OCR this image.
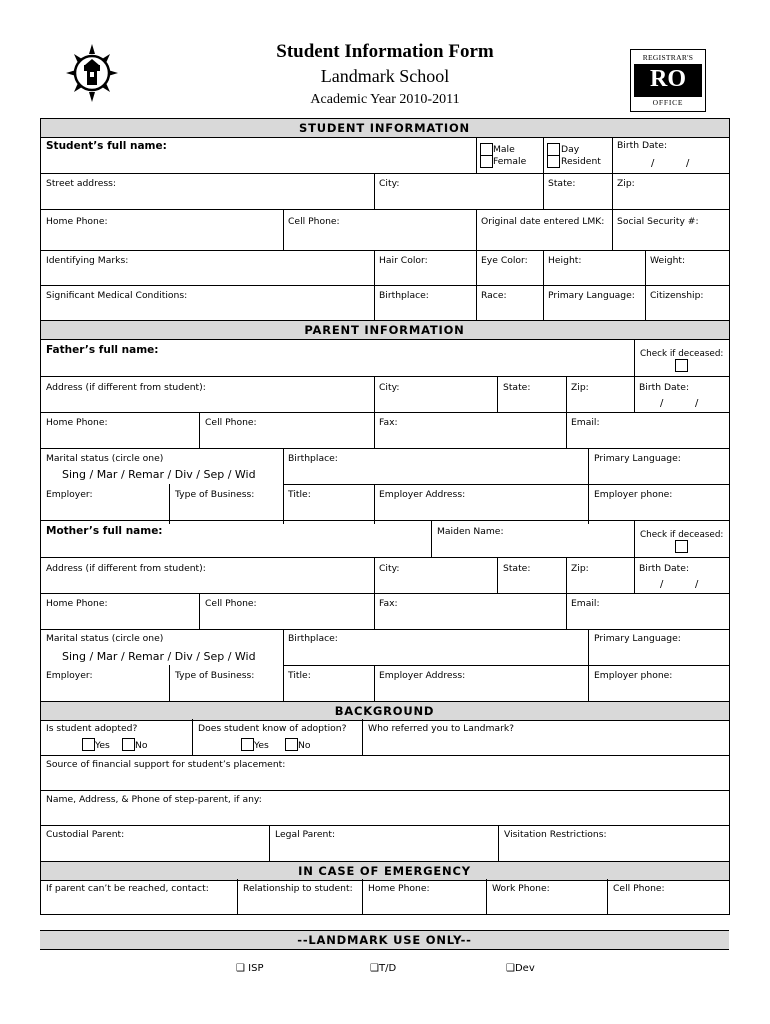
Student Information Form
Landmark School
Academic Year 2010-2011
REGISTRAR'S
RO
OFFICE
STUDENT INFORMATION
Student’s full name:	Male
Female
Day
Resident
Birth Date:
/	/
Street address:	City:	State:	Zip:
Home Phone:	Cell Phone:	Original date entered LMK: Social Security #:
Identifying Marks:	Hair Color:	Eye Color: Height:	Weight:
Significant Medical Conditions:	Birthplace:	Race:	Primary Language: Citizenship:
PARENT INFORMATION
Father’s full name:	Check if deceased:
Address (if different from student):	City:	State:	Zip:	Birth Date:
/	/
Home Phone:	Cell Phone:	Fax:	Email:
Marital status (circle one)
Sing / Mar / Remar / Div / Sep / Wid
Birthplace:	Primary Language:
Employer:	Type of Business:	Title:	Employer Address:	Employer phone:
Mother’s full name:	Maiden Name:	Check if deceased:
Address (if different from student):	City:	State:	Zip:	Birth Date:
/	/
Home Phone:	Cell Phone:	Fax:	Email:
Marital status (circle one)
Sing / Mar / Remar / Div / Sep / Wid
Birthplace:	Primary Language:
Employer:	Type of Business:	Title:	Employer Address:	Employer phone:
BACKGROUND
Is student adopted?
Yes	No
Does student know of adoption?
Yes	No
Who referred you to Landmark?
Source of financial support for student’s placement:
Name, Address, & Phone of step-parent, if any:
Custodial Parent:	Legal Parent:	Visitation Restrictions:
IN CASE OF EMERGENCY
If parent can’t be reached, contact:	Relationship to student: Home Phone:	Work Phone:	Cell Phone:
--LANDMARK USE ONLY--
❑ ISP	❑T/D	❑Dev
